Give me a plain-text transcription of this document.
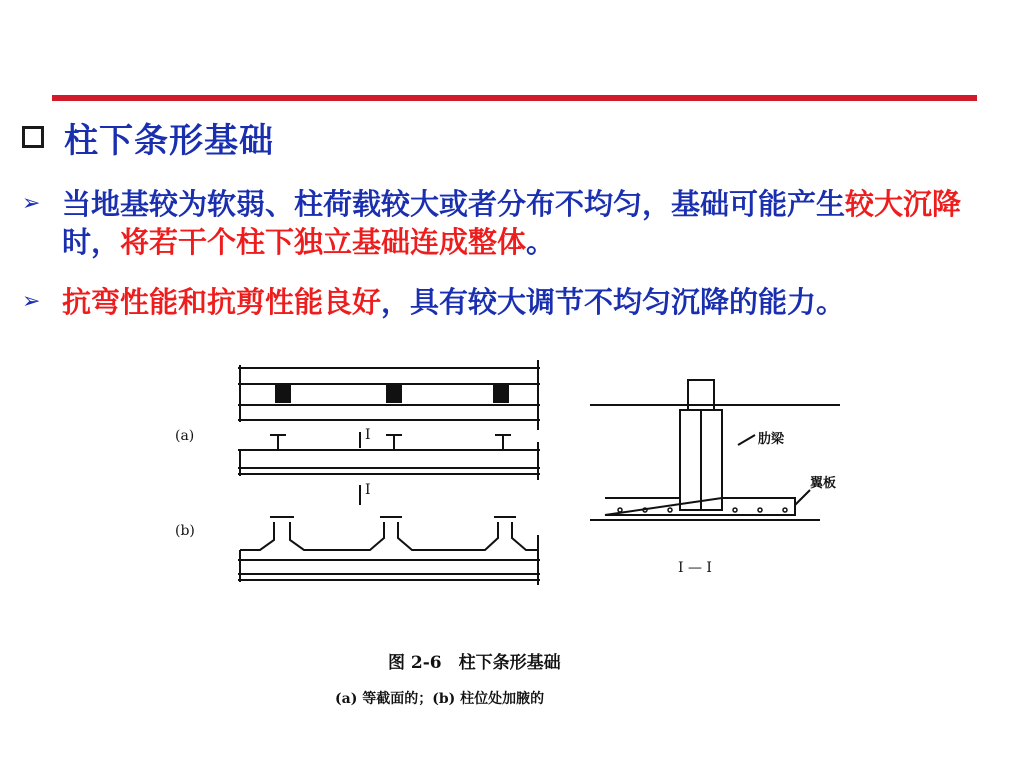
柱下条形基础
➢ 当地基较为软弱、柱荷载较大或者分布不均匀，基础可能产生较大沉降时，将若干个柱下独立基础连成整体。
➢ 抗弯性能和抗剪性能良好，具有较大调节不均匀沉降的能力。
(a)
(b)
I
I
肋梁
翼板
I — I
图 2-6　柱下条形基础
(a) 等截面的；(b) 柱位处加腋的
